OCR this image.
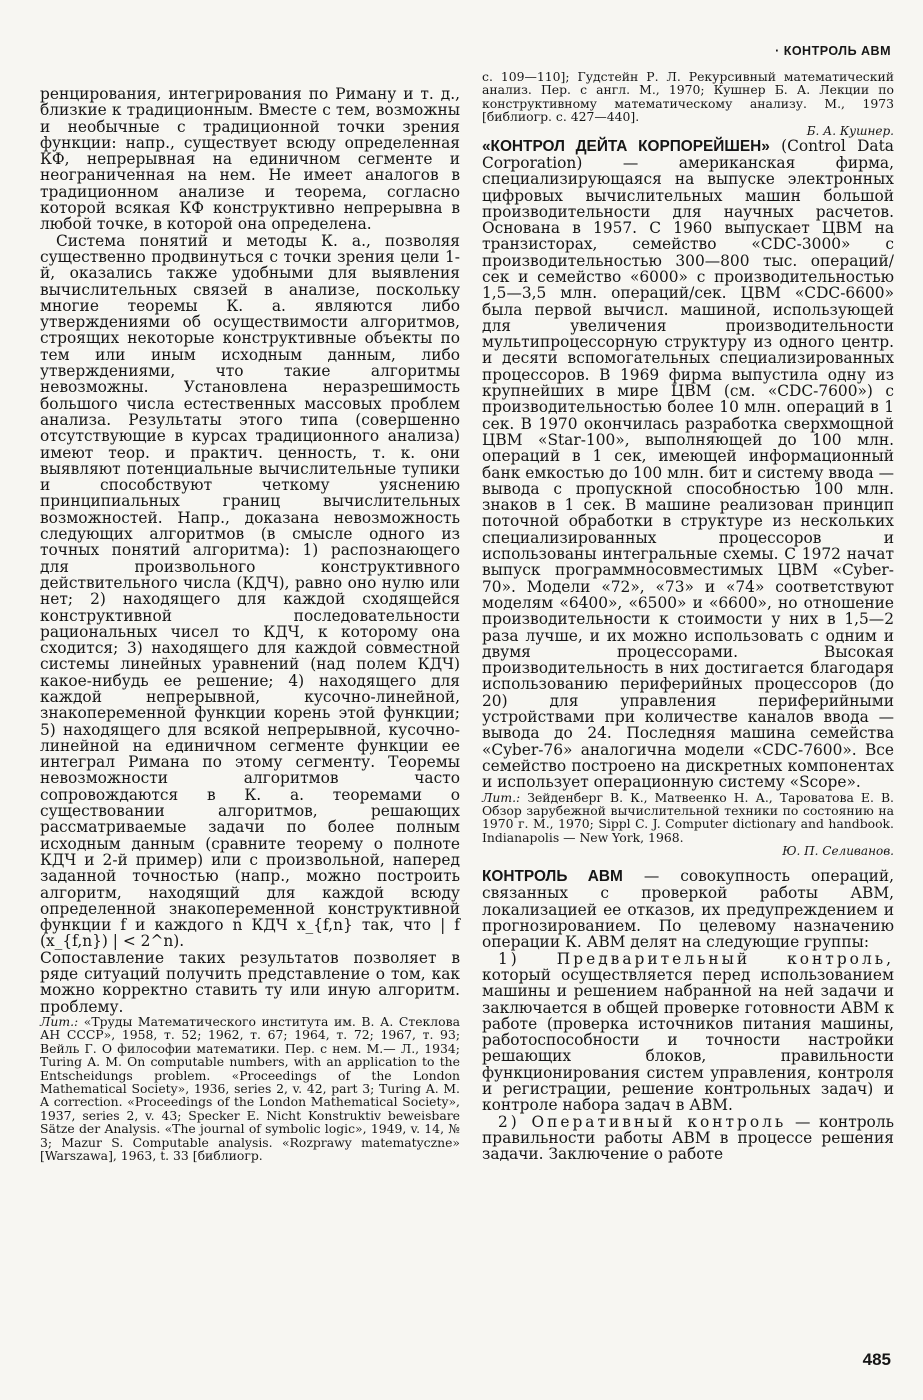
· КОНТРОЛЬ АВМ

ренцирования, интегрирования по Риману и т. д., близкие к традиционным. Вместе с тем, возможны и необычные с традиционной точки зрения функции: напр., существует всюду определенная КФ, непрерывная на единичном сегменте и неограниченная на нем. Не имеет аналогов в традиционном анализе и теорема, согласно которой всякая КФ конструктивно непрерывна в любой точке, в которой она определена.

Система понятий и методы К. а., позволяя существенно продвинуться с точки зрения цели 1-й, оказались также удобными для выявления вычислительных связей в анализе, поскольку многие теоремы К. а. являются либо утверждениями об осуществимости алгоритмов, строящих некоторые конструктивные объекты по тем или иным исходным данным, либо утверждениями, что такие алгоритмы невозможны. Установлена неразрешимость большого числа естественных массовых проблем анализа. Результаты этого типа (совершенно отсутствующие в курсах традиционного анализа) имеют теор. и практич. ценность, т. к. они выявляют потенциальные вычислительные тупики и способствуют четкому уяснению принципиальных границ вычислительных возможностей. Напр., доказана невозможность следующих алгоритмов (в смысле одного из точных понятий алгоритма): 1) распознающего для произвольного конструктивного действительного числа (КДЧ), равно оно нулю или нет; 2) находящего для каждой сходящейся конструктивной последовательности рациональных чисел то КДЧ, к которому она сходится; 3) находящего для каждой совместной системы линейных уравнений (над полем КДЧ) какое-нибудь ее решение; 4) находящего для каждой непрерывной, кусочно-линейной, знакопеременной функции корень этой функции; 5) находящего для всякой непрерывной, кусочно-линейной на единичном сегменте функции ее интеграл Римана по этому сегменту. Теоремы невозможности алгоритмов часто сопровождаются в К. а. теоремами о существовании алгоритмов, решающих рассматриваемые задачи по более полным исходным данным (сравните теорему о полноте КДЧ и 2-й пример) или с произвольной, наперед заданной точностью (напр., можно построить алгоритм, находящий для каждой всюду определенной знакопеременной конструктивной функции f и каждого n КДЧ x_{f,n} так, что | f (x_{f,n}) | < 2^n).

Сопоставление таких результатов позволяет в ряде ситуаций получить представление о том, как можно корректно ставить ту или иную алгоритм. проблему.

Лит.: «Труды Математического института им. В. А. Стеклова АН СССР», 1958, т. 52; 1962, т. 67; 1964, т. 72; 1967, т. 93; Вейль Г. О философии математики. Пер. с нем. М.— Л., 1934; Turing A. M. On computable numbers, with an application to the Entscheidungs problem. «Proceedings of the London Mathematical Society», 1936, series 2, v. 42, part 3; Turing A. M. A correction. «Proceedings of the London Mathematical Society», 1937, series 2, v. 43; Specker E. Nicht Konstruktiv beweisbare Sätze der Analysis. «The journal of symbolic logic», 1949, v. 14, № 3; Mazur S. Computable analysis. «Rozprawy matematyczne» [Warszawa], 1963, t. 33 [библиогр.

с. 109—110]; Гудстейн Р. Л. Рекурсивный математический анализ. Пер. с англ. М., 1970; Кушнер Б. А. Лекции по конструктивному математическому анализу. М., 1973 [библиогр. с. 427—440].

Б. А. Кушнер.

«КОНТРОЛ ДЕЙТА КОРПОРЕЙШЕН» (Control Data Corporation) — американская фирма, специализирующаяся на выпуске электронных цифровых вычислительных машин большой производительности для научных расчетов. Основана в 1957. С 1960 выпускает ЦВМ на транзисторах, семейство «CDC-3000» с производительностью 300—800 тыс. операций/сек и семейство «6000» с производительностью 1,5—3,5 млн. операций/сек. ЦВМ «CDC-6600» была первой вычисл. машиной, использующей для увеличения производительности мультипроцессорную структуру из одного центр. и десяти вспомогательных специализированных процессоров. В 1969 фирма выпустила одну из крупнейших в мире ЦВМ (см. «CDC-7600») с производительностью более 10 млн. операций в 1 сек. В 1970 окончилась разработка сверхмощной ЦВМ «Star-100», выполняющей до 100 млн. операций в 1 сек, имеющей информационный банк емкостью до 100 млн. бит и систему ввода — вывода с пропускной способностью 100 млн. знаков в 1 сек. В машине реализован принцип поточной обработки в структуре из нескольких специализированных процессоров и использованы интегральные схемы. С 1972 начат выпуск программносовместимых ЦВМ «Cyber-70». Модели «72», «73» и «74» соответствуют моделям «6400», «6500» и «6600», но отношение производительности к стоимости у них в 1,5—2 раза лучше, и их можно использовать с одним и двумя процессорами. Высокая производительность в них достигается благодаря использованию периферийных процессоров (до 20) для управления периферийными устройствами при количестве каналов ввода — вывода до 24. Последняя машина семейства «Cyber-76» аналогична модели «CDC-7600». Все семейство построено на дискретных компонентах и использует операционную систему «Scope».

Лит.: Зейденберг В. К., Матвеенко Н. А., Тароватова Е. В. Обзор зарубежной вычислительной техники по состоянию на 1970 г. М., 1970; Sippl C. J. Computer dictionary and handbook. Indianapolis — New York, 1968.

Ю. П. Селиванов.

КОНТРОЛЬ АВМ — совокупность операций, связанных с проверкой работы АВМ, локализацией ее отказов, их предупреждением и прогнозированием. По целевому назначению операции К. АВМ делят на следующие группы:

1) Предварительный контроль, который осуществляется перед использованием машины и решением набранной на ней задачи и заключается в общей проверке готовности АВМ к работе (проверка источников питания машины, работоспособности и точности настройки решающих блоков, правильности функционирования систем управления, контроля и регистрации, решение контрольных задач) и контроле набора задач в АВМ.

2) Оперативный контроль — контроль правильности работы АВМ в процессе решения задачи. Заключение о работе

485
